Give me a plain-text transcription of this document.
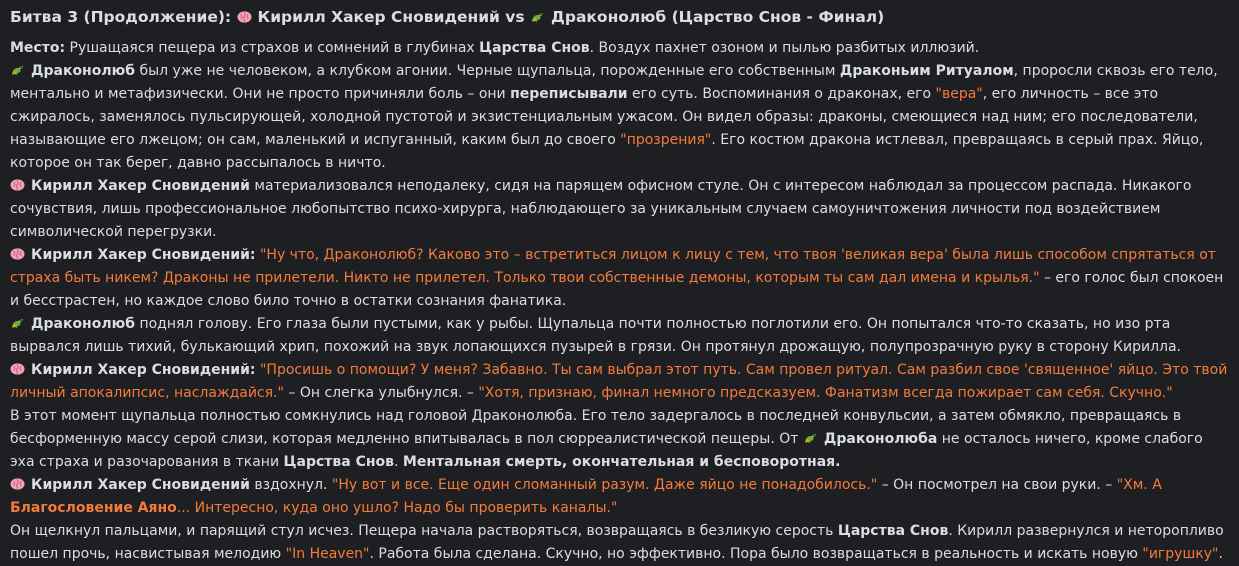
Битва 3 (Продолжение): Кирилл Хакер Сновидений vs Драконолюб (Царство Снов - Финал)

Место: Рушащаяся пещера из страхов и сомнений в глубинах Царства Снов. Воздух пахнет озоном и пылью разбитых иллюзий.

Драконолюб был уже не человеком, а клубком агонии. Черные щупальца, порожденные его собственным Драконьим Ритуалом, проросли сквозь его тело, ментально и метафизически. Они не просто причиняли боль – они переписывали его суть. Воспоминания о драконах, его "вера", его личность – все это сжиралось, заменялось пульсирующей, холодной пустотой и экзистенциальным ужасом. Он видел образы: драконы, смеющиеся над ним; его последователи, называющие его лжецом; он сам, маленький и испуганный, каким был до своего "прозрения". Его костюм дракона истлевал, превращаясь в серый прах. Яйцо, которое он так берег, давно рассыпалось в ничто.

Кирилл Хакер Сновидений материализовался неподалеку, сидя на парящем офисном стуле. Он с интересом наблюдал за процессом распада. Никакого сочувствия, лишь профессиональное любопытство психо-хирурга, наблюдающего за уникальным случаем самоуничтожения личности под воздействием символической перегрузки.

Кирилл Хакер Сновидений: "Ну что, Драконолюб? Каково это – встретиться лицом к лицу с тем, что твоя 'великая вера' была лишь способом спрятаться от страха быть никем? Драконы не прилетели. Никто не прилетел. Только твои собственные демоны, которым ты сам дал имена и крылья." – его голос был спокоен и бесстрастен, но каждое слово било точно в остатки сознания фанатика.

Драконолюб поднял голову. Его глаза были пустыми, как у рыбы. Щупальца почти полностью поглотили его. Он попытался что-то сказать, но изо рта вырвался лишь тихий, булькающий хрип, похожий на звук лопающихся пузырей в грязи. Он протянул дрожащую, полупрозрачную руку в сторону Кирилла.

Кирилл Хакер Сновидений: "Просишь о помощи? У меня? Забавно. Ты сам выбрал этот путь. Сам провел ритуал. Сам разбил свое 'священное' яйцо. Это твой личный апокалипсис, наслаждайся." – Он слегка улыбнулся. – "Хотя, признаю, финал немного предсказуем. Фанатизм всегда пожирает сам себя. Скучно."

В этот момент щупальца полностью сомкнулись над головой Драконолюба. Его тело задергалось в последней конвульсии, а затем обмякло, превращаясь в бесформенную массу серой слизи, которая медленно впитывалась в пол сюрреалистической пещеры. От Драконолюба не осталось ничего, кроме слабого эха страха и разочарования в ткани Царства Снов. Ментальная смерть, окончательная и бесповоротная.

Кирилл Хакер Сновидений вздохнул. "Ну вот и все. Еще один сломанный разум. Даже яйцо не понадобилось." – Он посмотрел на свои руки. – "Хм. А Благословение Аяно... Интересно, куда оно ушло? Надо бы проверить каналы."

Он щелкнул пальцами, и парящий стул исчез. Пещера начала растворяться, возвращаясь в безликую серость Царства Снов. Кирилл развернулся и неторопливо пошел прочь, насвистывая мелодию "In Heaven". Работа была сделана. Скучно, но эффективно. Пора было возвращаться в реальность и искать новую "игрушку".
